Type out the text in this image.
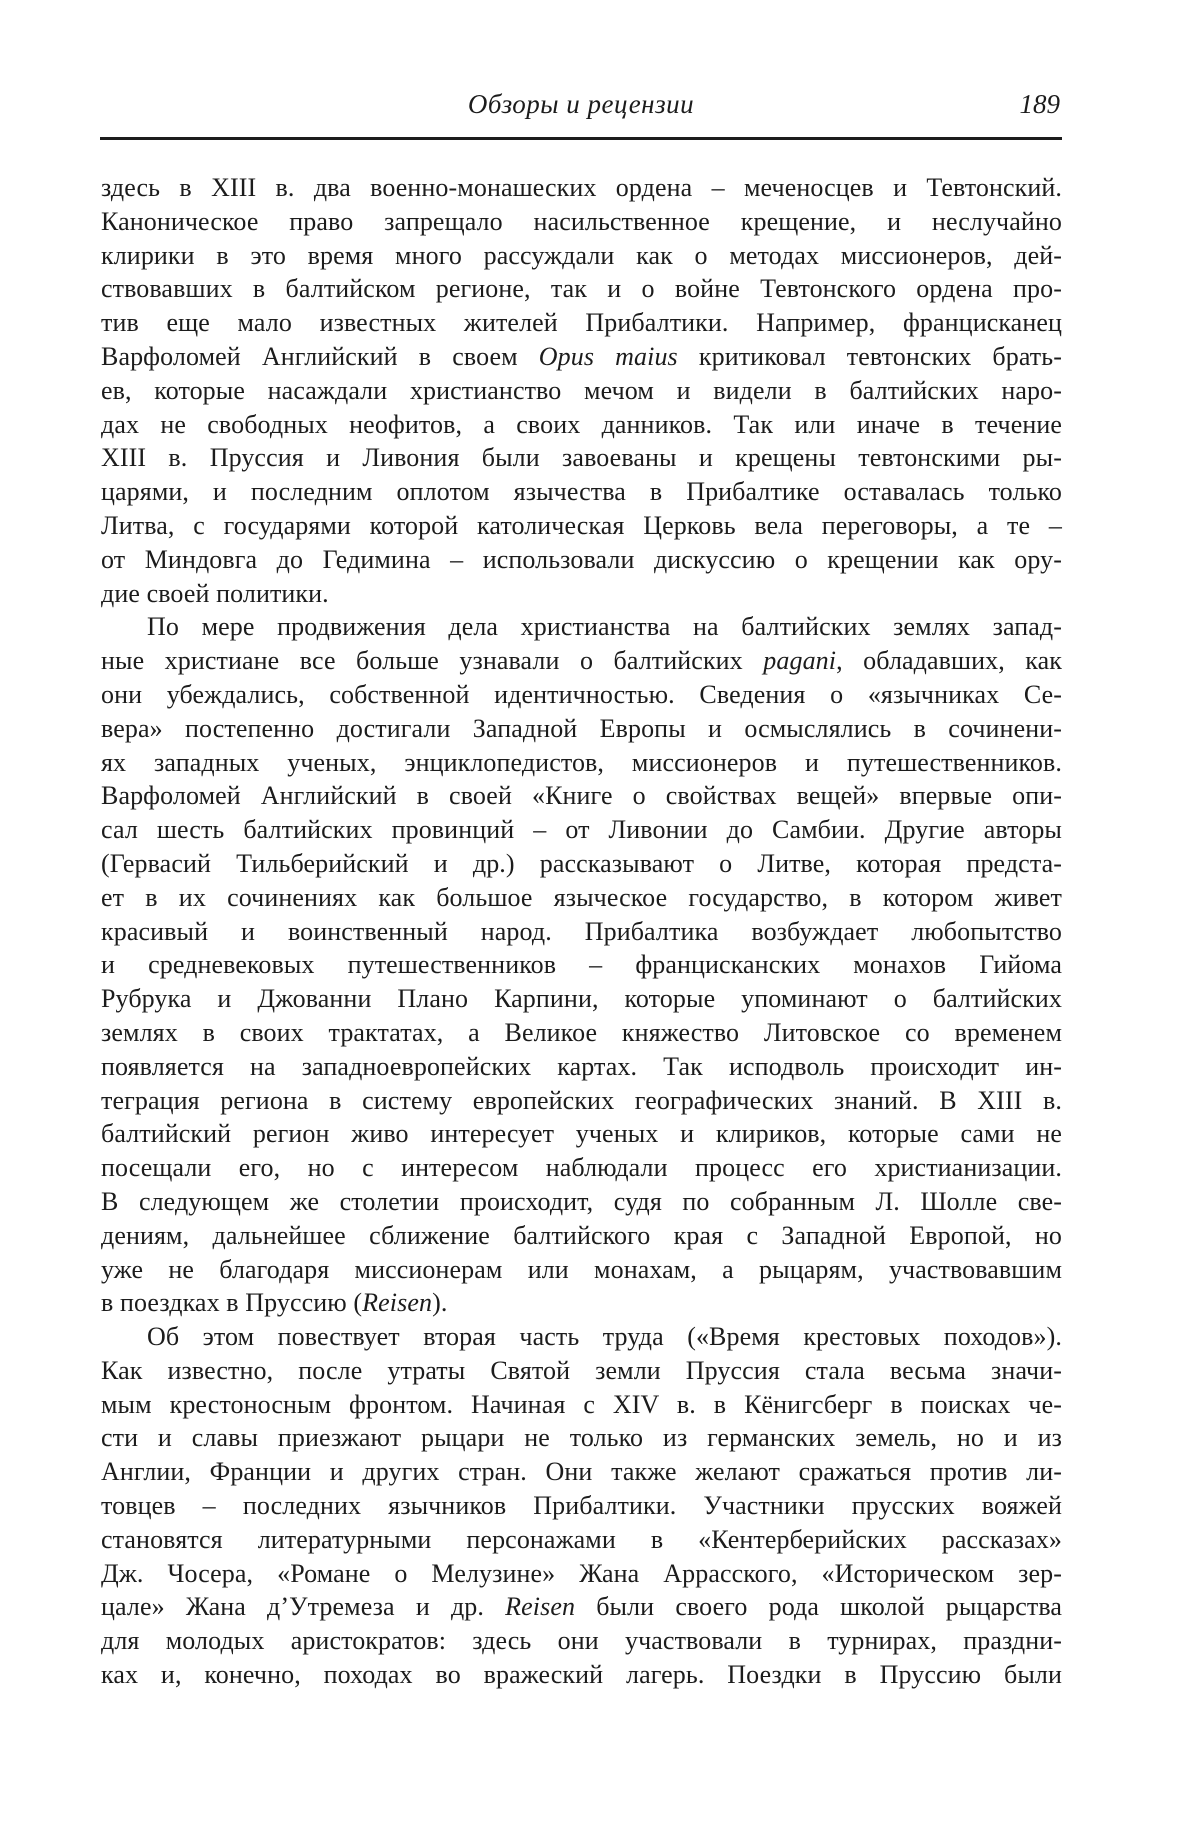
Обзоры и рецензии	189
здесь в XIII в. два военно-монашеских ордена – меченосцев и Тевтонский.
Каноническое право запрещало насильственное крещение, и неслучайно
клирики в это время много рассуждали как о методах миссионеров, дей-
ствовавших в балтийском регионе, так и о войне Тевтонского ордена про-
тив еще мало известных жителей Прибалтики. Например, францисканец
Варфоломей Английский в своем Opus maius критиковал тевтонских брать-
ев, которые насаждали христианство мечом и видели в балтийских наро-
дах не свободных неофитов, а своих данников. Так или иначе в течение
XIII в. Пруссия и Ливония были завоеваны и крещены тевтонскими ры-
царями, и последним оплотом язычества в Прибалтике оставалась только
Литва, с государями которой католическая Церковь вела переговоры, а те –
от Миндовга до Гедимина – использовали дискуссию о крещении как ору-
дие своей политики.
По мере продвижения дела христианства на балтийских землях запад-
ные христиане все больше узнавали о балтийских pagani, обладавших, как
они убеждались, собственной идентичностью. Сведения о «язычниках Се-
вера» постепенно достигали Западной Европы и осмыслялись в сочинени-
ях западных ученых, энциклопедистов, миссионеров и путешественников.
Варфоломей Английский в своей «Книге о свойствах вещей» впервые опи-
сал шесть балтийских провинций – от Ливонии до Самбии. Другие авторы
(Гервасий Тильберийский и др.) рассказывают о Литве, которая предста-
ет в их сочинениях как большое языческое государство, в котором живет
красивый и воинственный народ. Прибалтика возбуждает любопытство
и средневековых путешественников – францисканских монахов Гийома
Рубрука и Джованни Плано Карпини, которые упоминают о балтийских
землях в своих трактатах, а Великое княжество Литовское со временем
появляется на западноевропейских картах. Так исподволь происходит ин-
теграция региона в систему европейских географических знаний. В XIII в.
балтийский регион живо интересует ученых и клириков, которые сами не
посещали его, но с интересом наблюдали процесс его христианизации.
В следующем же столетии происходит, судя по собранным Л. Шолле све-
дениям, дальнейшее сближение балтийского края с Западной Европой, но
уже не благодаря миссионерам или монахам, а рыцарям, участвовавшим
в поездках в Пруссию (Reisen).
Об этом повествует вторая часть труда («Время крестовых походов»).
Как известно, после утраты Святой земли Пруссия стала весьма значи-
мым крестоносным фронтом. Начиная с XIV в. в Кёнигсберг в поисках че-
сти и славы приезжают рыцари не только из германских земель, но и из
Англии, Франции и других стран. Они также желают сражаться против ли-
товцев – последних язычников Прибалтики. Участники прусских вояжей
становятся литературными персонажами в «Кентерберийских рассказах»
Дж. Чосера, «Романе о Мелузине» Жана Аррасского, «Историческом зер-
цале» Жана д’Утремеза и др. Reisen были своего рода школой рыцарства
для молодых аристократов: здесь они участвовали в турнирах, праздни-
ках и, конечно, походах во вражеский лагерь. Поездки в Пруссию были
